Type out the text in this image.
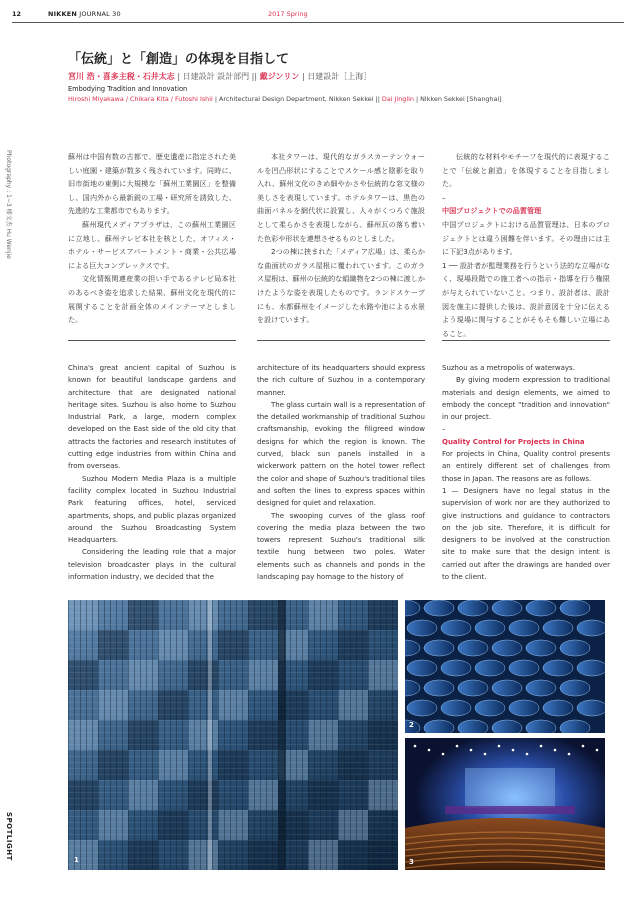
12	NIKKEN JOURNAL 30	2017 Spring
「伝統」と「創造」の体現を目指して
宮川 浩・喜多主税・石井太志 | 日建設計 設計部門 || 戴ジンリン | 日建設計［上海］
Embodying Tradition and Innovation
Hiroshi Miyakawa / Chikara Kita / Futoshi Ishii | Architectural Design Department, Nikken Sekkei || Dai Jinglin | Nikken Sekkei [Shanghai]
Photography : 1~3 楼文杰 Hu Wenjie
SPOTLIGHT

蘇州は中国有数の古都で、歴史遺産に指定された美しい庭園・建築が数多く残されています。同時に、旧市街地の東側に大規模な「蘇州工業園区」を整備し、国内外から最新鋭の工場・研究所を誘致した、先進的な工業都市でもあります。

蘇州現代メディアプラザは、この蘇州工業園区に立地し、蘇州テレビ本社を核とした、オフィス・ホテル・サービスアパートメント・商業・公共広場による巨大コンプレックスです。

文化情報関連産業の担い手であるテレビ局本社のあるべき姿を追求した結果、蘇州文化を現代的に展開することを計画全体のメインテーマとしました。

本社タワーは、現代的なガラスカーテンウォールを凹凸形状にすることでスケール感と陰影を取り入れ、蘇州文化のきめ細やかさや伝統的な窓文様の美しさを表現しています。ホテルタワーは、黒色の曲面パネルを網代状に設置し、人々がくつろぐ施設として柔らかさを表現しながら、蘇州瓦の落ち着いた色彩や形状を連想させるものとしました。

2つの棟に挟まれた「メディア広場」は、柔らかな曲面状のガラス屋根に覆われています。このガラス屋根は、蘇州の伝統的な絹織物を2つの棟に渡しかけたような姿を表現したものです。ランドスケープにも、水都蘇州をイメージした水路や池による水景を設けています。

伝統的な材料やモチーフを現代的に表現することで「伝統と創造」を体現することを目指しました。

–

中国プロジェクトでの品質管理

中国プロジェクトにおける品質管理は、日本のプロジェクトとは違う困難を伴います。その理由には主に下記3点があります。

1 ── 設計者が監理業務を行うという法的な立場がなく、現場段階での施工者への指示・指導を行う権限が与えられていないこと。つまり、設計者は、設計図を施主に提供した後は、設計意図を十分に伝えるよう現場に関与することがそもそも難しい立場にあること。

China's great ancient capital of Suzhou is known for beautiful landscape gardens and architecture that are designated national heritage sites. Suzhou is also home to Suzhou Industrial Park, a large, modern complex developed on the East side of the old city that attracts the factories and research institutes of cutting edge industries from within China and from overseas.

Suzhou Modern Media Plaza is a multiple facility complex located in Suzhou Industrial Park featuring offices, hotel, serviced apartments, shops, and public plazas organized around the Suzhou Broadcasting System Headquarters.

Considering the leading role that a major television broadcaster plays in the cultural information industry, we decided that the

architecture of its headquarters should express the rich culture of Suzhou in a contemporary manner.

The glass curtain wall is a representation of the detailed workmanship of traditional Suzhou craftsmanship, evoking the filigreed window designs for which the region is known. The curved, black sun panels installed in a wickerwork pattern on the hotel tower reflect the color and shape of Suzhou's traditional tiles and soften the lines to express spaces within designed for quiet and relaxation.

The swooping curves of the glass roof covering the media plaza between the two towers represent Suzhou's traditional silk textile hung between two poles. Water elements such as channels and ponds in the landscaping pay homage to the history of

Suzhou as a metropolis of waterways.

By giving modern expression to traditional materials and design elements, we aimed to embody the concept "tradition and innovation" in our project.

–

Quality Control for Projects in China

For projects in China, Quality control presents an entirely different set of challenges from those in Japan. The reasons are as follows.

1 — Designers have no legal status in the supervision of work nor are they authorized to give instructions and guidance to contractors on the job site. Therefore, it is difficult for designers to be involved at the construction site to make sure that the design intent is carried out after the drawings are handed over to the client.

1
2
3
